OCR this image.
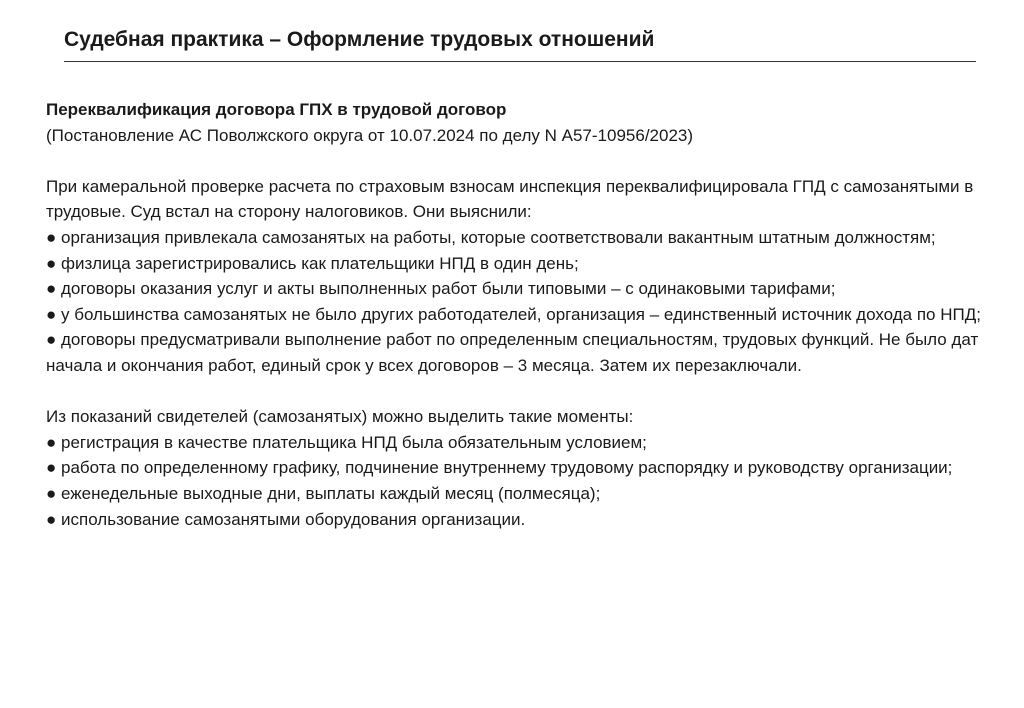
Судебная практика – Оформление трудовых отношений

Переквалификация договора ГПХ в трудовой договор

(Постановление АС Поволжского округа от 10.07.2024 по делу N А57-10956/2023)

При камеральной проверке расчета по страховым взносам инспекция переквалифицировала ГПД с самозанятыми в трудовые. Суд встал на сторону налоговиков. Они выяснили:

● организация привлекала самозанятых на работы, которые соответствовали вакантным штатным должностям;
● физлица зарегистрировались как плательщики НПД в один день;
● договоры оказания услуг и акты выполненных работ были типовыми – с одинаковыми тарифами;
● у большинства самозанятых не было других работодателей, организация – единственный источник дохода по НПД;
● договоры предусматривали выполнение работ по определенным специальностям, трудовых функций. Не было дат начала и окончания работ, единый срок у всех договоров – 3 месяца. Затем их перезаключали.

Из показаний свидетелей (самозанятых) можно выделить такие моменты:

● регистрация в качестве плательщика НПД была обязательным условием;
● работа по определенному графику, подчинение внутреннему трудовому распорядку и руководству организации;
● еженедельные выходные дни, выплаты каждый месяц (полмесяца);
● использование самозанятыми оборудования организации.
